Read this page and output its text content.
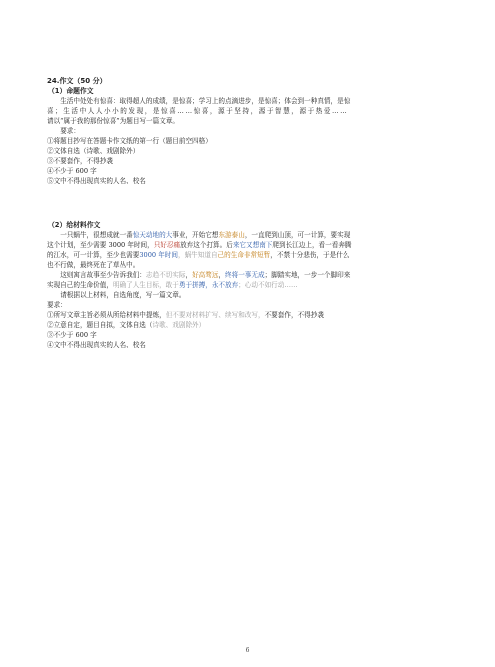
24.作文（50 分）
（1）命题作文
生活中处处有惊喜：取得超人的成绩，是惊喜；学习上的点滴进步，是惊喜；体会到一种真情，是惊
喜；生活中人人小小的发现，是惊喜……惊喜，源于坚持，源于智慧，源于热爱……
请以“属于我的那份惊喜”为题目写一篇文章。
要求：
①将题目抄写在答题卡作文纸的第一行（题目前空四格）
②文体自选（诗歌、戏剧除外）
③不要套作，不得抄袭
④不少于 600 字
⑤文中不得出现真实的人名、校名
（2）给材料作文
一只蜗牛，很想成就一番惊天动地的大事业，开始它想东游泰山，一直爬到山顶，可一计算，要实现
这个计划，至少需要 3000 年时间，只好忍痛放弃这个打算。后来它又想南下爬到长江边上，看一看奔腾
的江水，可一计算，至少也需要3000 年时间，蜗牛知道自己的生命非常短暂，不禁十分悲伤，于是什么
也不行做，最终死在了草丛中。
这则寓言故事至少告诉我们：志趋不切实际，好高骛远，终将一事无成；脚踏实地，一步一个脚印来
实现自己的生命价值，明确了人生目标，敢于勇于拼搏，永不放弃；心动不如行动……
请根据以上材料，自选角度，写一篇文章。
要求：
①所写文章主旨必须从所给材料中提炼，但不要对材料扩写、续写和改写，不要套作，不得抄袭
②立意自定，题目自拟，文体自选（诗歌、戏剧除外）
③不少于 600 字
④文中不得出现真实的人名、校名
6
